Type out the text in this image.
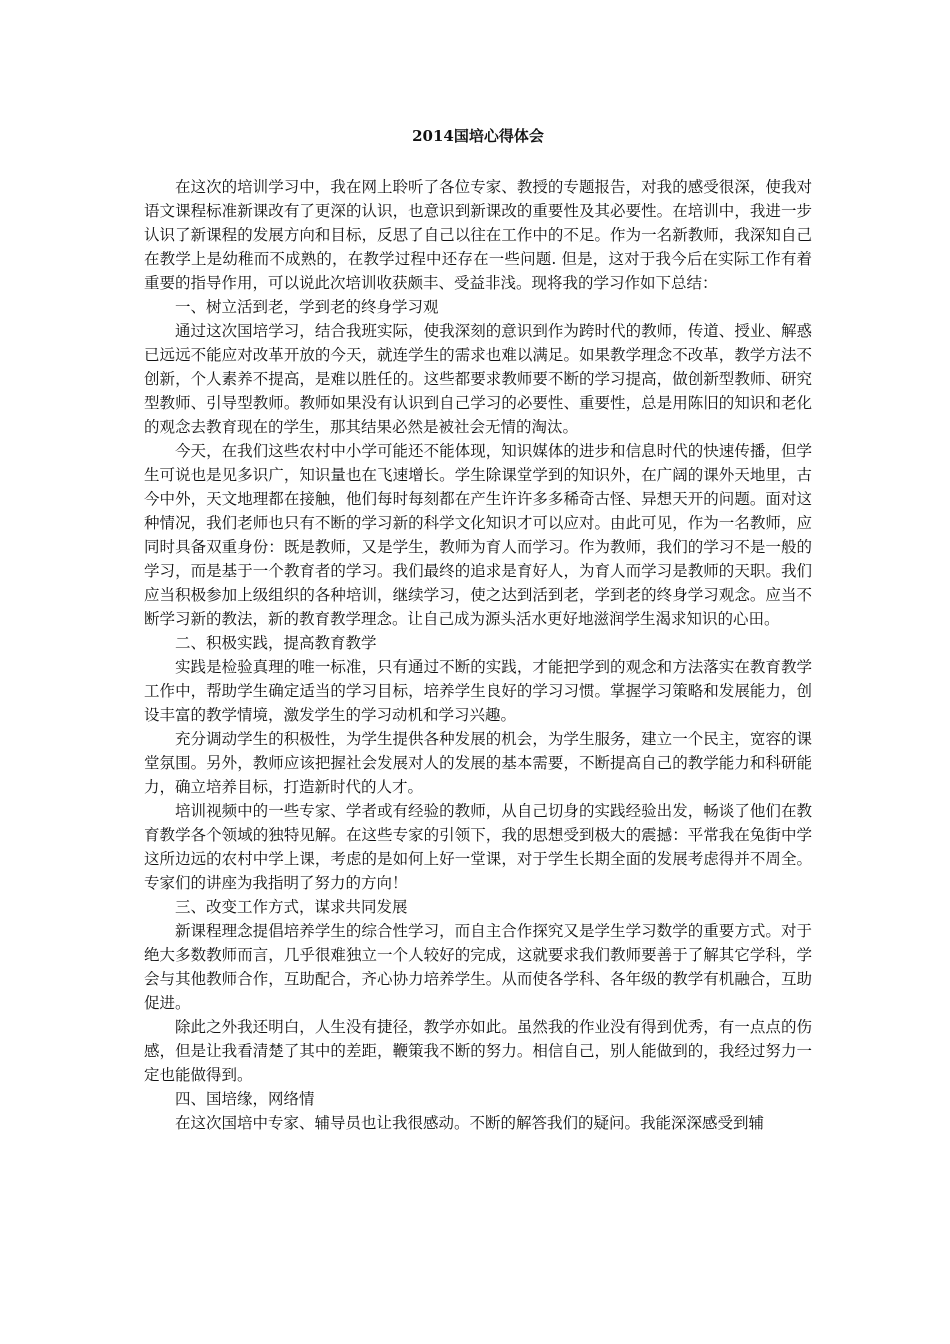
2014国培心得体会

在这次的培训学习中，我在网上聆听了各位专家、教授的专题报告，对我的感受很深，使我对语文课程标准新课改有了更深的认识，也意识到新课改的重要性及其必要性。在培训中，我进一步认识了新课程的发展方向和目标，反思了自己以往在工作中的不足。作为一名新教师，我深知自己在教学上是幼稚而不成熟的，在教学过程中还存在一些问题. 但是，这对于我今后在实际工作有着重要的指导作用，可以说此次培训收获颇丰、受益非浅。现将我的学习作如下总结：

一、树立活到老，学到老的终身学习观

通过这次国培学习，结合我班实际，使我深刻的意识到作为跨时代的教师，传道、授业、解惑已远远不能应对改革开放的今天，就连学生的需求也难以满足。如果教学理念不改革，教学方法不创新，个人素养不提高，是难以胜任的。这些都要求教师要不断的学习提高，做创新型教师、研究型教师、引导型教师。教师如果没有认识到自己学习的必要性、重要性，总是用陈旧的知识和老化的观念去教育现在的学生，那其结果必然是被社会无情的淘汰。

今天，在我们这些农村中小学可能还不能体现，知识媒体的进步和信息时代的快速传播，但学生可说也是见多识广，知识量也在飞速增长。学生除课堂学到的知识外，在广阔的课外天地里，古今中外，天文地理都在接触，他们每时每刻都在产生许许多多稀奇古怪、异想天开的问题。面对这种情况，我们老师也只有不断的学习新的科学文化知识才可以应对。由此可见，作为一名教师，应同时具备双重身份：既是教师，又是学生，教师为育人而学习。作为教师，我们的学习不是一般的学习，而是基于一个教育者的学习。我们最终的追求是育好人，为育人而学习是教师的天职。我们应当积极参加上级组织的各种培训，继续学习，使之达到活到老，学到老的终身学习观念。应当不断学习新的教法，新的教育教学理念。让自己成为源头活水更好地滋润学生渴求知识的心田。

二、积极实践，提高教育教学

实践是检验真理的唯一标准，只有通过不断的实践，才能把学到的观念和方法落实在教育教学工作中，帮助学生确定适当的学习目标，培养学生良好的学习习惯。掌握学习策略和发展能力，创设丰富的教学情境，激发学生的学习动机和学习兴趣。

充分调动学生的积极性，为学生提供各种发展的机会，为学生服务，建立一个民主，宽容的课堂氛围。另外，教师应该把握社会发展对人的发展的基本需要，不断提高自己的教学能力和科研能力，确立培养目标，打造新时代的人才。

培训视频中的一些专家、学者或有经验的教师，从自己切身的实践经验出发，畅谈了他们在教育教学各个领域的独特见解。在这些专家的引领下，我的思想受到极大的震撼：平常我在兔街中学这所边远的农村中学上课，考虑的是如何上好一堂课，对于学生长期全面的发展考虑得并不周全。专家们的讲座为我指明了努力的方向！

三、改变工作方式，谋求共同发展

新课程理念提倡培养学生的综合性学习，而自主合作探究又是学生学习数学的重要方式。对于绝大多数教师而言，几乎很难独立一个人较好的完成，这就要求我们教师要善于了解其它学科，学会与其他教师合作，互助配合，齐心协力培养学生。从而使各学科、各年级的教学有机融合，互助促进。

除此之外我还明白，人生没有捷径，教学亦如此。虽然我的作业没有得到优秀，有一点点的伤感，但是让我看清楚了其中的差距，鞭策我不断的努力。相信自己，别人能做到的，我经过努力一定也能做得到。

四、国培缘，网络情

在这次国培中专家、辅导员也让我很感动。不断的解答我们的疑问。我能深深感受到辅
